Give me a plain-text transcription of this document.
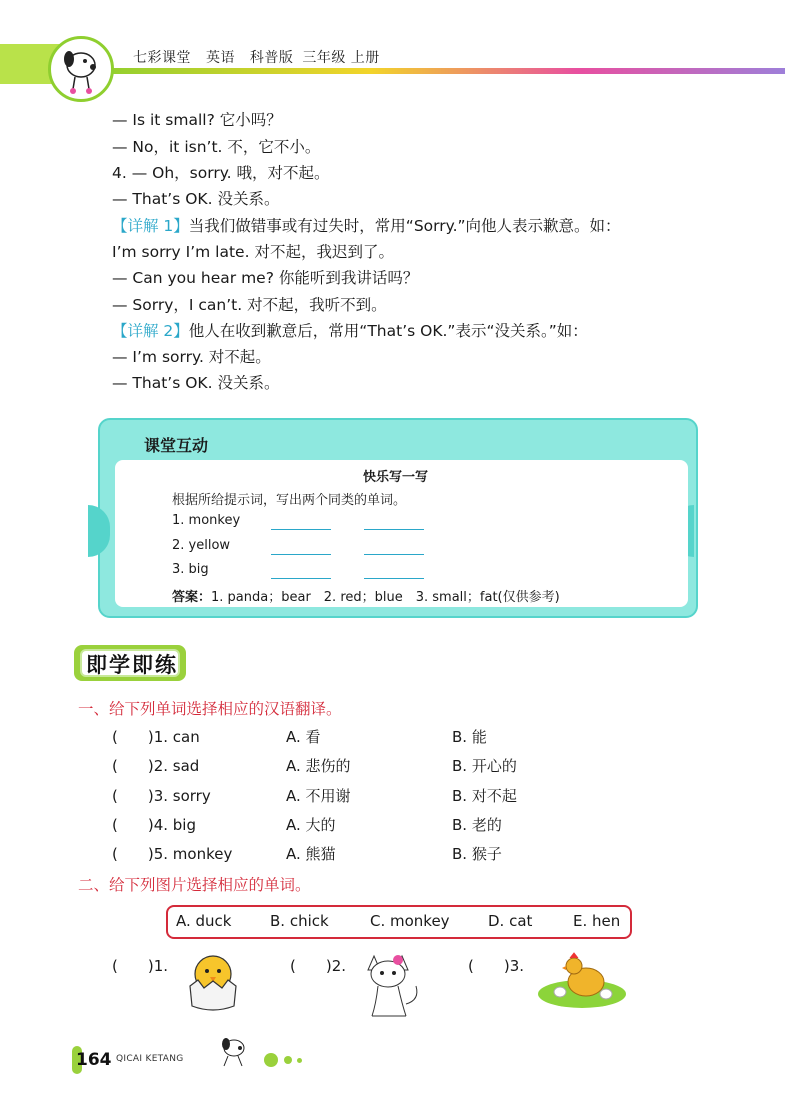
七彩课堂 英语 科普版 三年级 上册
— Is it small? 它小吗？
— No，it isn’t. 不，它不小。
4. — Oh，sorry. 哦，对不起。
— That’s OK. 没关系。
【详解 1】当我们做错事或有过失时，常用“Sorry.”向他人表示歉意。如：
I’m sorry I’m late. 对不起，我迟到了。
— Can you hear me? 你能听到我讲话吗？
— Sorry，I can’t. 对不起，我听不到。
【详解 2】他人在收到歉意后，常用“That’s OK.”表示“没关系。”如：
— I’m sorry. 对不起。
— That’s OK. 没关系。
课堂互动
快乐写一写
根据所给提示词，写出两个同类的单词。
1. monkey
2. yellow
3. big
答案：1. panda；bear　2. red；blue　3. small；fat(仅供参考)
即学即练
一、给下列单词选择相应的汉语翻译。
(　　)1. can	A. 看	B. 能
(　　)2. sad	A. 悲伤的	B. 开心的
(　　)3. sorry	A. 不用谢	B. 对不起
(　　)4. big	A. 大的	B. 老的
(　　)5. monkey	A. 熊猫	B. 猴子
二、给下列图片选择相应的单词。
A. duck	B. chick	C. monkey	D. cat	E. hen
(　　)1.	(　　)2.	(　　)3.
164 QICAI KETANG
